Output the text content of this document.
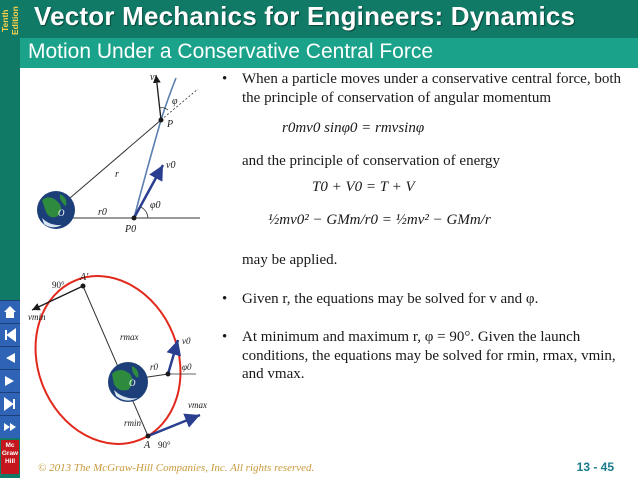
Tenth Edition
Mc Graw Hill
Vector Mechanics for Engineers: Dynamics
Motion Under a Conservative Central Force
O
v
φ
P
r
v0
φ0
r0
P0
90°
A′
vmin
rmax	v0
r0	φ0
O
rmin
A 90°
vmax
• When a particle moves under a conservative central force, both the principle of conservation of angular momentum
r0mv0 sinφ0 = rmvsinφ
and the principle of conservation of energy
T0 + V0 = T + V
½mv0² − GMm/r0 = ½mv² − GMm/r
may be applied.
• Given r, the equations may be solved for v and φ.
• At minimum and maximum r, φ = 90°. Given the launch conditions, the equations may be solved for rmin, rmax, vmin, and vmax.
© 2013 The McGraw-Hill Companies, Inc. All rights reserved.	13 - 45
